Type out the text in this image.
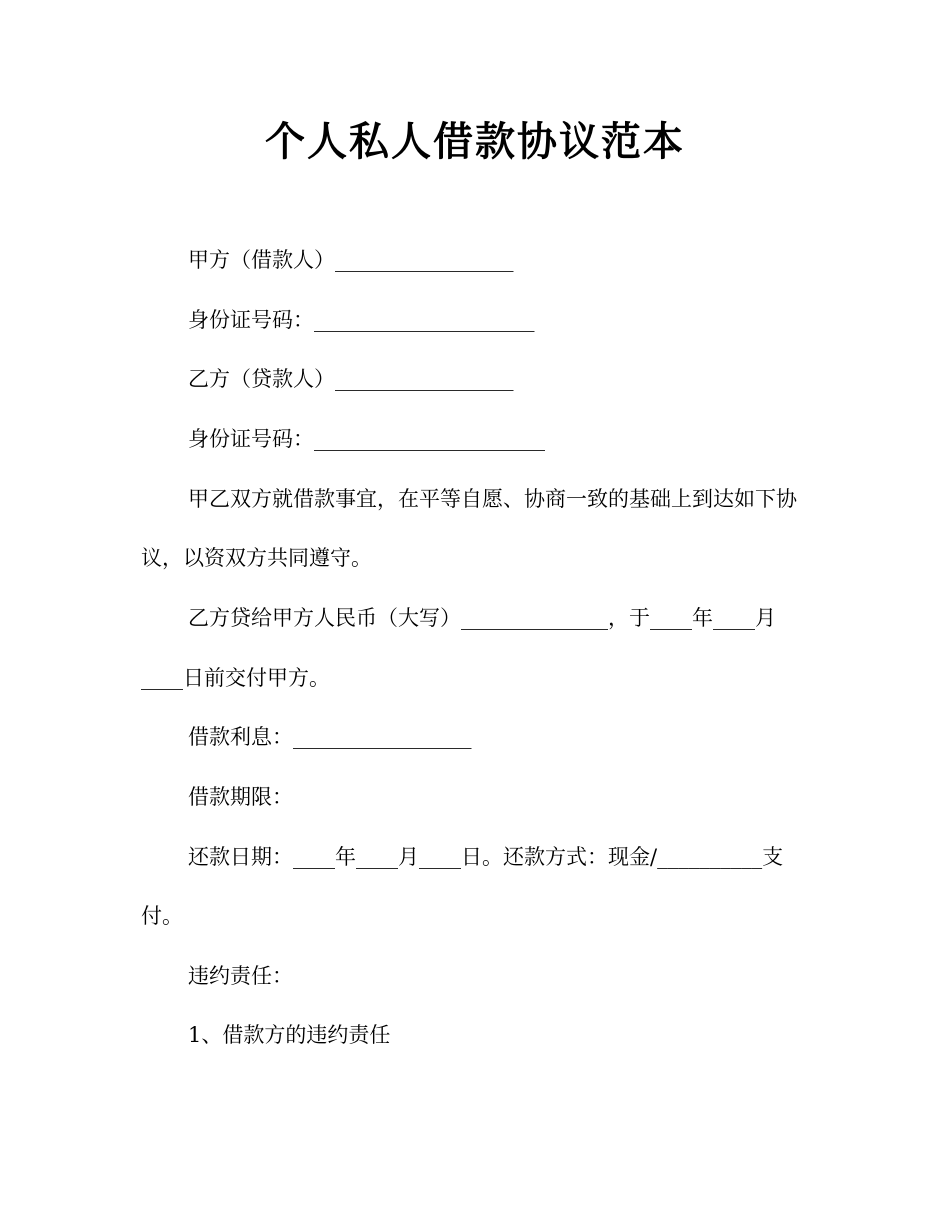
个人私人借款协议范本

甲方（借款人）_________________

身份证号码：_____________________

乙方（贷款人）_________________

身份证号码：______________________

甲乙双方就借款事宜，在平等自愿、协商一致的基础上到达如下协

议，以资双方共同遵守。

乙方贷给甲方人民币（大写）______________，于____年____月

____日前交付甲方。

借款利息：_________________

借款期限：

还款日期：____年____月____日。还款方式：现金/__________支

付。

违约责任：

1、借款方的违约责任
